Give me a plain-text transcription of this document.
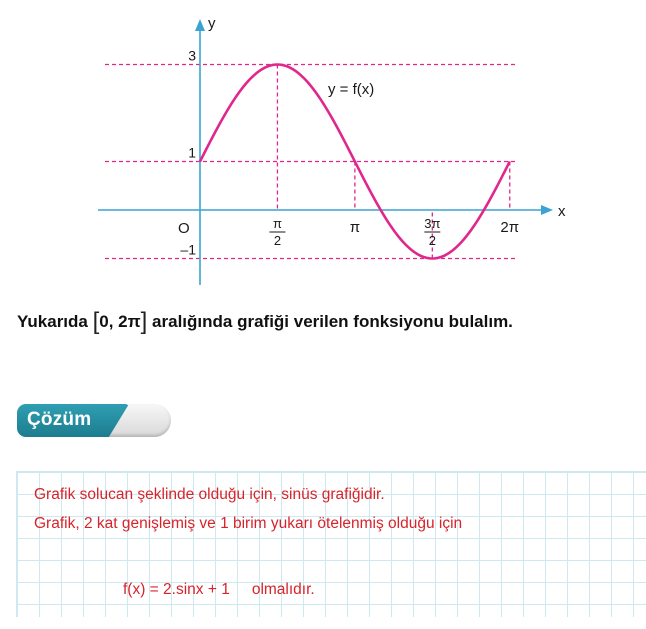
x
y
O
y = f(x)
3
1
–1
π
2
π	3π
2
2π
Yukarıda [0, 2π] aralığında grafiği verilen fonksiyonu bulalım.
Çözüm
Grafik solucan şeklinde olduğu için, sinüs grafiğidir.
Grafik, 2 kat genişlemiş ve 1 birim yukarı ötelenmiş olduğu için
f(x) = 2.sinx + 1 olmalıdır.
